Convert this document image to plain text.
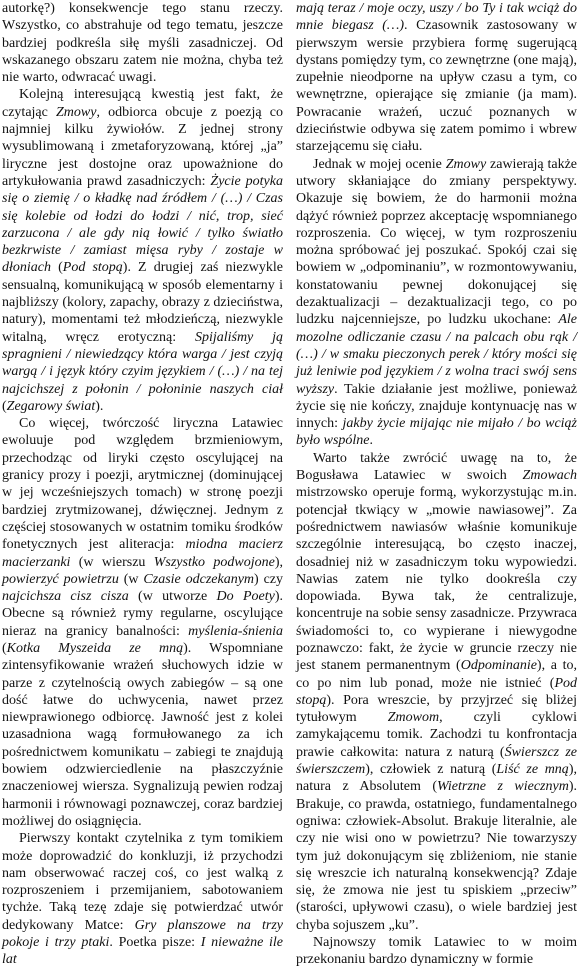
autorkę?) konsekwencje tego stanu rzeczy. Wszystko, co abstrahuje od tego tematu, jeszcze bardziej podkreśla siłę myśli zasadniczej. Od wskazanego obszaru zatem nie można, chyba też nie warto, odwracać uwagi.

Kolejną interesującą kwestią jest fakt, że czytając Zmowy, odbiorca obcuje z poezją co najmniej kilku żywiołów. Z jednej strony wysublimowaną i zmetaforyzowaną, której „ja” liryczne jest dostojne oraz upoważnione do artykułowania prawd zasadniczych: Życie potyka się o ziemię / o kładkę nad źródłem / (…) / Czas się kolebie od łodzi do łodzi / nić, trop, sieć zarzucona / ale gdy nią łowić / tylko światło bezkrwiste / zamiast mięsa ryby / zostaje w dłoniach (Pod stopą). Z drugiej zaś niezwykle sensualną, komunikującą w sposób elementarny i najbliższy (kolory, zapachy, obrazy z dzieciństwa, natury), momentami też młodzieńczą, niezwykle witalną, wręcz erotyczną: Spijaliśmy ją spragnieni / niewiedzący która warga / jest czyją wargą / i język który czyim językiem / (…) / na tej najcichszej z połonin / połoninie naszych ciał (Zegarowy świat).

Co więcej, twórczość liryczna Latawiec ewoluuje pod względem brzmieniowym, przechodząc od liryki często oscylującej na granicy prozy i poezji, arytmicznej (dominującej w jej wcześniejszych tomach) w stronę poezji bardziej zrytmizowanej, dźwięcznej. Jednym z częściej stosowanych w ostatnim tomiku środków fonetycznych jest aliteracja: miodna macierz macierzanki (w wierszu Wszystko podwojone), powierzyć powietrzu (w Czasie odczekanym) czy najcichsza cisz cisza (w utworze Do Poety). Obecne są również rymy regularne, oscylujące nieraz na granicy banalności: myślenia-śnienia (Kotka Myszeida ze mną). Wspomniane zintensyfikowanie wrażeń słuchowych idzie w parze z czytelnością owych zabiegów – są one dość łatwe do uchwycenia, nawet przez niewprawionego odbiorcę. Jawność jest z kolei uzasadniona wagą formułowanego za ich pośrednictwem komunikatu – zabiegi te znajdują bowiem odzwierciedlenie na płaszczyźnie znaczeniowej wiersza. Sygnalizują pewien rodzaj harmonii i równowagi poznawczej, coraz bardziej możliwej do osiągnięcia.

Pierwszy kontakt czytelnika z tym tomikiem może doprowadzić do konkluzji, iż przychodzi nam obserwować raczej coś, co jest walką z rozproszeniem i przemijaniem, sabotowaniem tychże. Taką tezę zdaje się potwierdzać utwór dedykowany Matce: Gry planszowe na trzy pokoje i trzy ptaki. Poetka pisze: I nieważne ile lat

mają teraz / moje oczy, uszy / bo Ty i tak wciąż do mnie biegasz (…). Czasownik zastosowany w pierwszym wersie przybiera formę sugerującą dystans pomiędzy tym, co zewnętrzne (one mają), zupełnie nieodporne na upływ czasu a tym, co wewnętrzne, opierające się zmianie (ja mam). Powracanie wrażeń, uczuć poznanych w dzieciństwie odbywa się zatem pomimo i wbrew starzejącemu się ciału.

Jednak w mojej ocenie Zmowy zawierają także utwory skłaniające do zmiany perspektywy. Okazuje się bowiem, że do harmonii można dążyć również poprzez akceptację wspomnianego rozproszenia. Co więcej, w tym rozproszeniu można spróbować jej poszukać. Spokój czai się bowiem w „odpominaniu”, w rozmontowywaniu, konstatowaniu pewnej dokonującej się dezaktualizacji – dezaktualizacji tego, co po ludzku najcenniejsze, po ludzku ukochane: Ale mozolne odliczanie czasu / na palcach obu rąk / (…) / w smaku pieczonych perek / który mości się już leniwie pod językiem / z wolna traci swój sens wyższy. Takie działanie jest możliwe, ponieważ życie się nie kończy, znajduje kontynuację nas w innych: jakby życie mijając nie mijało / bo wciąż było wspólne.

Warto także zwrócić uwagę na to, że Bogusława Latawiec w swoich Zmowach mistrzowsko operuje formą, wykorzystując m.in. potencjał tkwiący w „mowie nawiasowej”. Za pośrednictwem nawiasów właśnie komunikuje szczególnie interesującą, bo często inaczej, dosadniej niż w zasadniczym toku wypowiedzi. Nawias zatem nie tylko dookreśla czy dopowiada. Bywa tak, że centralizuje, koncentruje na sobie sensy zasadnicze. Przywraca świadomości to, co wypierane i niewygodne poznawczo: fakt, że życie w gruncie rzeczy nie jest stanem permanentnym (Odpominanie), a to, co po nim lub ponad, może nie istnieć (Pod stopą). Pora wreszcie, by przyjrzeć się bliżej tytułowym Zmowom, czyli cyklowi zamykającemu tomik. Zachodzi tu konfrontacja prawie całkowita: natura z naturą (Świerszcz ze świerszczem), człowiek z naturą (Liść ze mną), natura z Absolutem (Wietrzne z wiecznym). Brakuje, co prawda, ostatniego, fundamentalnego ogniwa: człowiek-Absolut. Brakuje literalnie, ale czy nie wisi ono w powietrzu? Nie towarzyszy tym już dokonującym się zbliżeniom, nie stanie się wreszcie ich naturalną konsekwencją? Zdaje się, że zmowa nie jest tu spiskiem „przeciw” (starości, upływowi czasu), o wiele bardziej jest chyba sojuszem „ku”.

Najnowszy tomik Latawiec to w moim przekonaniu bardzo dynamiczny w formie
